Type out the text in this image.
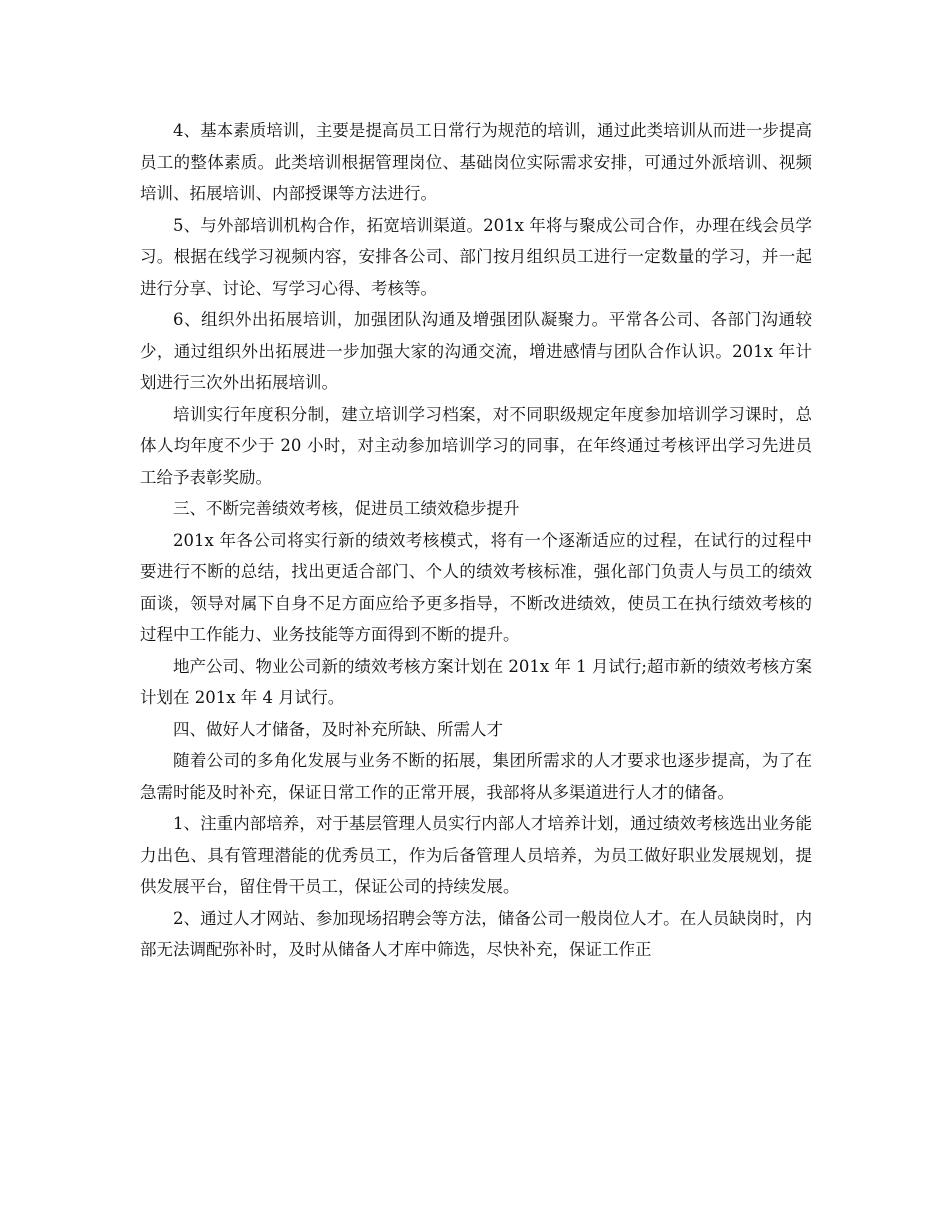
4、基本素质培训，主要是提高员工日常行为规范的培训，通过此类培训从而进一步提高员工的整体素质。此类培训根据管理岗位、基础岗位实际需求安排，可通过外派培训、视频培训、拓展培训、内部授课等方法进行。

5、与外部培训机构合作，拓宽培训渠道。201x 年将与聚成公司合作，办理在线会员学习。根据在线学习视频内容，安排各公司、部门按月组织员工进行一定数量的学习，并一起进行分享、讨论、写学习心得、考核等。

6、组织外出拓展培训，加强团队沟通及增强团队凝聚力。平常各公司、各部门沟通较少，通过组织外出拓展进一步加强大家的沟通交流，增进感情与团队合作认识。201x 年计划进行三次外出拓展培训。

培训实行年度积分制，建立培训学习档案，对不同职级规定年度参加培训学习课时，总体人均年度不少于 20 小时，对主动参加培训学习的同事，在年终通过考核评出学习先进员工给予表彰奖励。

三、不断完善绩效考核，促进员工绩效稳步提升

201x 年各公司将实行新的绩效考核模式，将有一个逐渐适应的过程，在试行的过程中要进行不断的总结，找出更适合部门、个人的绩效考核标准，强化部门负责人与员工的绩效面谈，领导对属下自身不足方面应给予更多指导，不断改进绩效，使员工在执行绩效考核的过程中工作能力、业务技能等方面得到不断的提升。

地产公司、物业公司新的绩效考核方案计划在 201x 年 1 月试行;超市新的绩效考核方案计划在 201x 年 4 月试行。

四、做好人才储备，及时补充所缺、所需人才

随着公司的多角化发展与业务不断的拓展，集团所需求的人才要求也逐步提高，为了在急需时能及时补充，保证日常工作的正常开展，我部将从多渠道进行人才的储备。

1、注重内部培养，对于基层管理人员实行内部人才培养计划，通过绩效考核选出业务能力出色、具有管理潜能的优秀员工，作为后备管理人员培养，为员工做好职业发展规划，提供发展平台，留住骨干员工，保证公司的持续发展。

2、通过人才网站、参加现场招聘会等方法，储备公司一般岗位人才。在人员缺岗时，内部无法调配弥补时，及时从储备人才库中筛选，尽快补充，保证工作正
